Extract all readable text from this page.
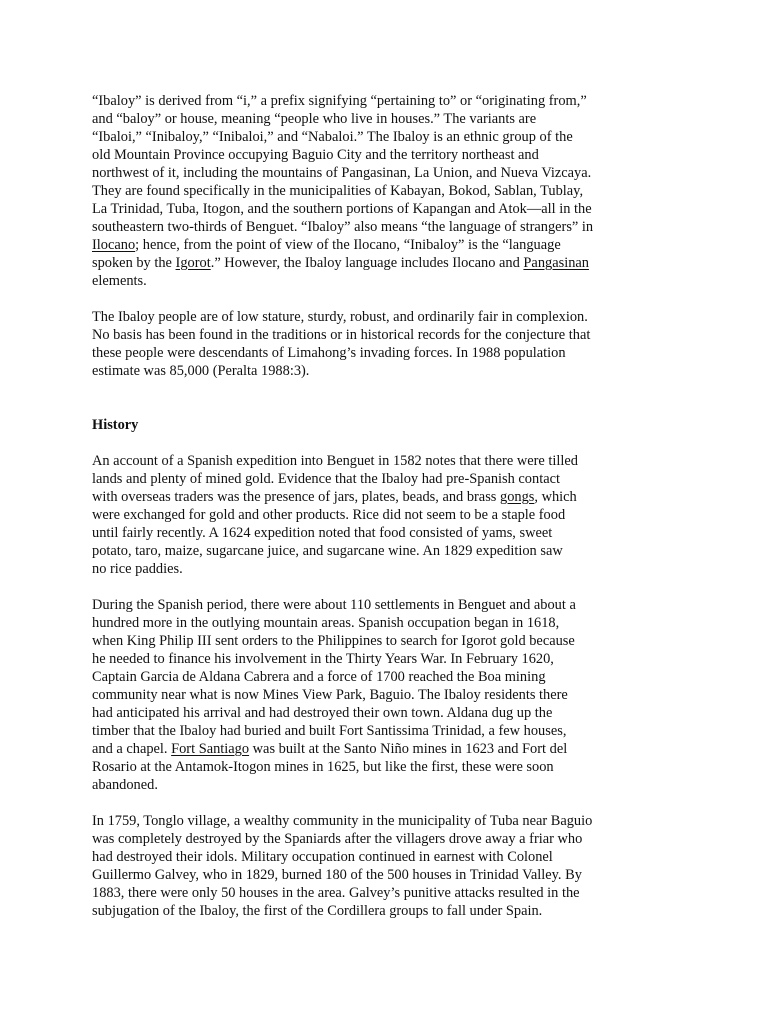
“Ibaloy” is derived from “i,” a prefix signifying “pertaining to” or “originating from,”
and “baloy” or house, meaning “people who live in houses.” The variants are
“Ibaloi,” “Inibaloy,” “Inibaloi,” and “Nabaloi.” The Ibaloy is an ethnic group of the
old Mountain Province occupying Baguio City and the territory northeast and
northwest of it, including the mountains of Pangasinan, La Union, and Nueva Vizcaya.
They are found specifically in the municipalities of Kabayan, Bokod, Sablan, Tublay,
La Trinidad, Tuba, Itogon, and the southern portions of Kapangan and Atok—all in the
southeastern two-thirds of Benguet. “Ibaloy” also means “the language of strangers” in
Ilocano; hence, from the point of view of the Ilocano, “Inibaloy” is the “language
spoken by the Igorot.” However, the Ibaloy language includes Ilocano and Pangasinan
elements.
The Ibaloy people are of low stature, sturdy, robust, and ordinarily fair in complexion.
No basis has been found in the traditions or in historical records for the conjecture that
these people were descendants of Limahong’s invading forces. In 1988 population
estimate was 85,000 (Peralta 1988:3).
History
An account of a Spanish expedition into Benguet in 1582 notes that there were tilled
lands and plenty of mined gold. Evidence that the Ibaloy had pre-Spanish contact
with overseas traders was the presence of jars, plates, beads, and brass gongs, which
were exchanged for gold and other products. Rice did not seem to be a staple food
until fairly recently. A 1624 expedition noted that food consisted of yams, sweet
potato, taro, maize, sugarcane juice, and sugarcane wine. An 1829 expedition saw
no rice paddies.
During the Spanish period, there were about 110 settlements in Benguet and about a
hundred more in the outlying mountain areas. Spanish occupation began in 1618,
when King Philip III sent orders to the Philippines to search for Igorot gold because
he needed to finance his involvement in the Thirty Years War. In February 1620,
Captain Garcia de Aldana Cabrera and a force of 1700 reached the Boa mining
community near what is now Mines View Park, Baguio. The Ibaloy residents there
had anticipated his arrival and had destroyed their own town. Aldana dug up the
timber that the Ibaloy had buried and built Fort Santissima Trinidad, a few houses,
and a chapel. Fort Santiago was built at the Santo Niño mines in 1623 and Fort del
Rosario at the Antamok-Itogon mines in 1625, but like the first, these were soon
abandoned.
In 1759, Tonglo village, a wealthy community in the municipality of Tuba near Baguio
was completely destroyed by the Spaniards after the villagers drove away a friar who
had destroyed their idols. Military occupation continued in earnest with Colonel
Guillermo Galvey, who in 1829, burned 180 of the 500 houses in Trinidad Valley. By
1883, there were only 50 houses in the area. Galvey’s punitive attacks resulted in the
subjugation of the Ibaloy, the first of the Cordillera groups to fall under Spain.
